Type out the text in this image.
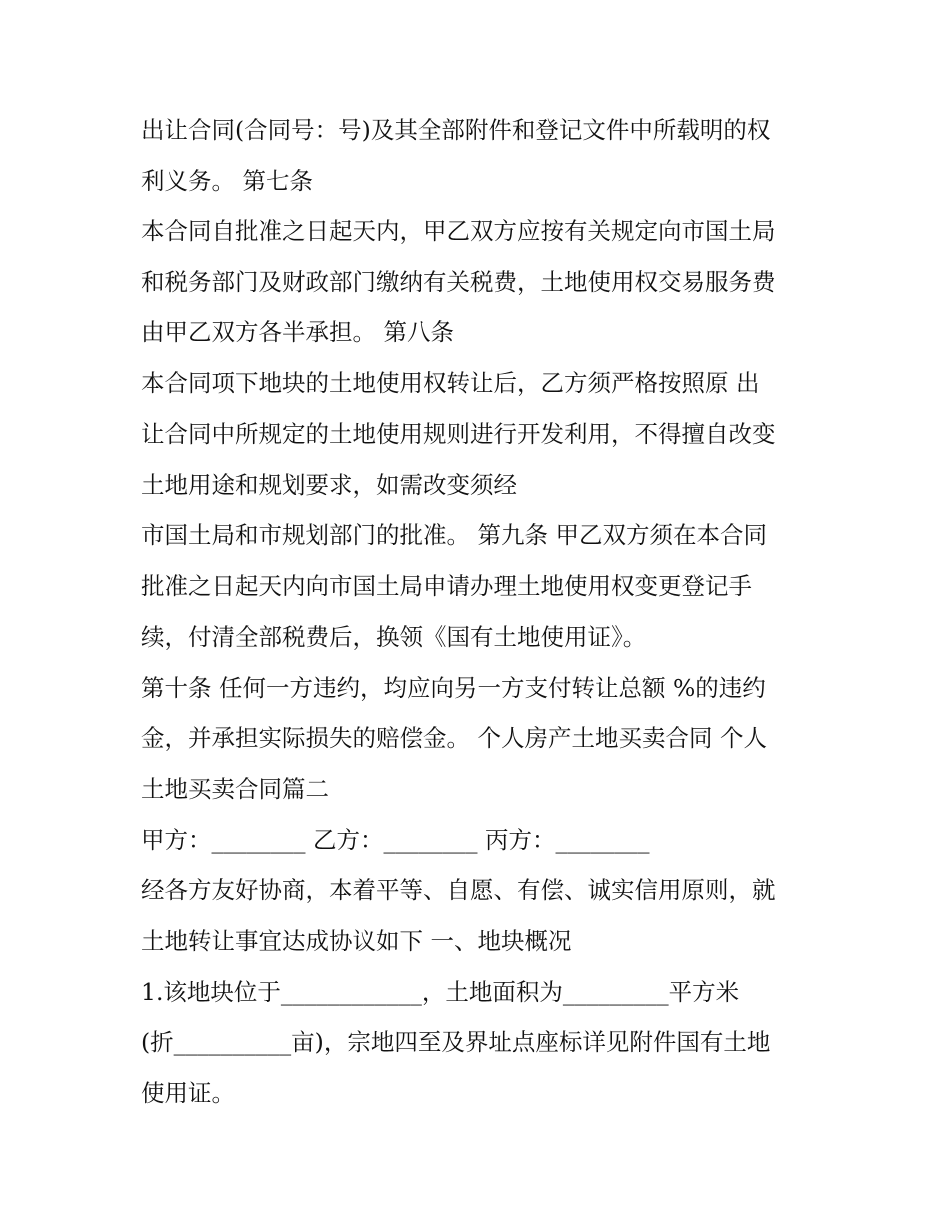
出让合同(合同号：号)及其全部附件和登记文件中所载明的权
利义务。 第七条
本合同自批准之日起天内，甲乙双方应按有关规定向市国土局
和税务部门及财政部门缴纳有关税费，土地使用权交易服务费
由甲乙双方各半承担。 第八条
本合同项下地块的土地使用权转让后，乙方须严格按照原 出
让合同中所规定的土地使用规则进行开发利用，不得擅自改变
土地用途和规划要求，如需改变须经
市国土局和市规划部门的批准。 第九条 甲乙双方须在本合同
批准之日起天内向市国土局申请办理土地使用权变更登记手
续，付清全部税费后，换领《国有土地使用证》。
第十条 任何一方违约，均应向另一方支付转让总额 %的违约
金，并承担实际损失的赔偿金。 个人房产土地买卖合同 个人
土地买卖合同篇二
甲方：________ 乙方：________ 丙方：________
经各方友好协商，本着平等、自愿、有偿、诚实信用原则，就
土地转让事宜达成协议如下 一、地块概况
1.该地块位于____________，土地面积为_________平方米
(折__________亩)，宗地四至及界址点座标详见附件国有土地
使用证。
